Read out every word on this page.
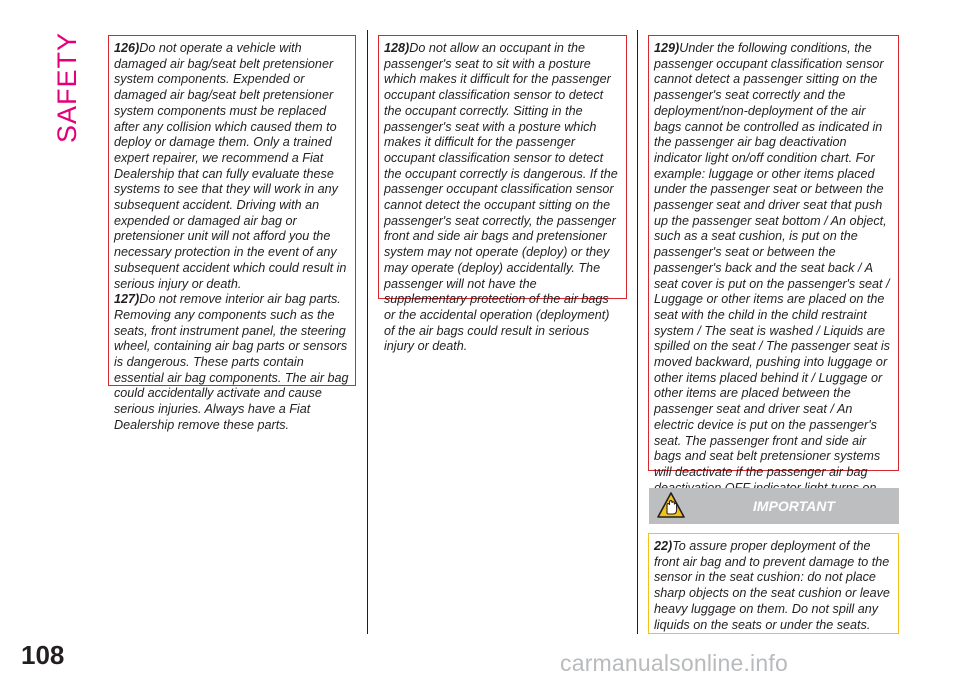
SAFETY	126)Do not operate a vehicle with damaged air bag/seat belt pretensioner system components. Expended or damaged air bag/seat belt pretensioner system components must be replaced after any collision which caused them to deploy or damage them. Only a trained expert repairer, we recommend a Fiat Dealership that can fully evaluate these systems to see that they will work in any subsequent accident. Driving with an expended or damaged air bag or pretensioner unit will not afford you the necessary protection in the event of any subsequent accident which could result in serious injury or death.

127)Do not remove interior air bag parts. Removing any components such as the seats, front instrument panel, the steering wheel, containing air bag parts or sensors is dangerous. These parts contain essential air bag components. The air bag could accidentally activate and cause serious injuries. Always have a Fiat Dealership remove these parts.

128)Do not allow an occupant in the passenger's seat to sit with a posture which makes it difficult for the passenger occupant classification sensor to detect the occupant correctly. Sitting in the passenger's seat with a posture which makes it difficult for the passenger occupant classification sensor to detect the occupant correctly is dangerous. If the passenger occupant classification sensor cannot detect the occupant sitting on the passenger's seat correctly, the passenger front and side air bags and pretensioner system may not operate (deploy) or they may operate (deploy) accidentally. The passenger will not have the supplementary protection of the air bags or the accidental operation (deployment) of the air bags could result in serious injury or death.

129)Under the following conditions, the passenger occupant classification sensor cannot detect a passenger sitting on the passenger's seat correctly and the deployment/non-deployment of the air bags cannot be controlled as indicated in the passenger air bag deactivation indicator light on/off condition chart. For example: luggage or other items placed under the passenger seat or between the passenger seat and driver seat that push up the passenger seat bottom / An object, such as a seat cushion, is put on the passenger's seat or between the passenger's back and the seat back / A seat cover is put on the passenger's seat / Luggage or other items are placed on the seat with the child in the child restraint system / The seat is washed / Liquids are spilled on the seat / The passenger seat is moved backward, pushing into luggage or other items placed behind it / Luggage or other items are placed between the passenger seat and driver seat / An electric device is put on the passenger's seat. The passenger front and side air bags and seat belt pretensioner systems will deactivate if the passenger air bag

IMPORTANT

22)To assure proper deployment of the front air bag and to prevent damage to the sensor in the seat cushion: do not place sharp objects on the seat cushion or leave heavy luggage on them. Do not spill any liquids on the seats or under the seats.

108	carmanualsonline.info
